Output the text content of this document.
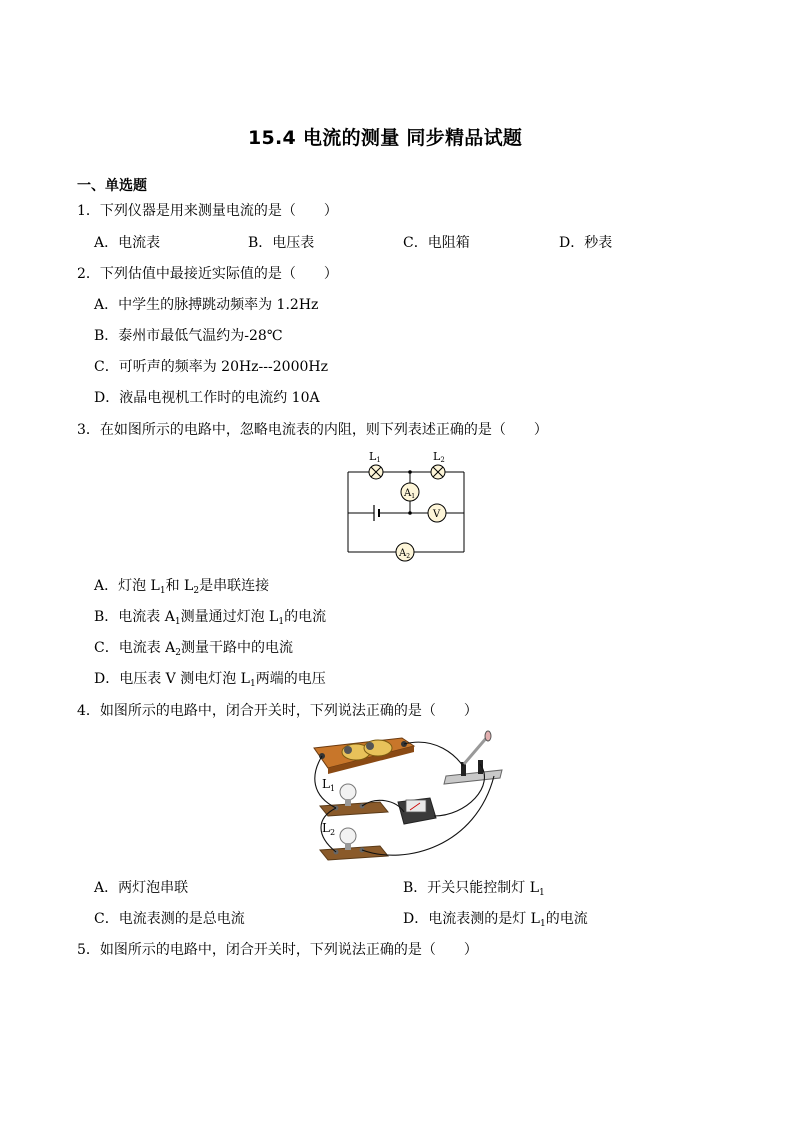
15.4 电流的测量 同步精品试题
一、单选题
1．下列仪器是用来测量电流的是（　　）
A．电流表	B．电压表	C．电阻箱	D．秒表
2．下列估值中最接近实际值的是（　　）
A．中学生的脉搏跳动频率为 1.2Hz
B．泰州市最低气温约为-28℃
C．可听声的频率为 20Hz---2000Hz
D．液晶电视机工作时的电流约 10A
3．在如图所示的电路中，忽略电流表的内阻，则下列表述正确的是（　　）
L1	L2
$A_1$
V
$A_2$
A．灯泡 $L_1$和 $L_2$是串联连接
B．电流表 $A_1$测量通过灯泡 $L_1$的电流
C．电流表 $A_2$测量干路中的电流
D．电压表 V 测电灯泡 $L_1$两端的电压
4．如图所示的电路中，闭合开关时，下列说法正确的是（　　）
$L_1$
$L_2$
A．两灯泡串联	B．开关只能控制灯 $L_1$
C．电流表测的是总电流	D．电流表测的是灯 $L_1$的电流
5．如图所示的电路中，闭合开关时，下列说法正确的是（　　）
